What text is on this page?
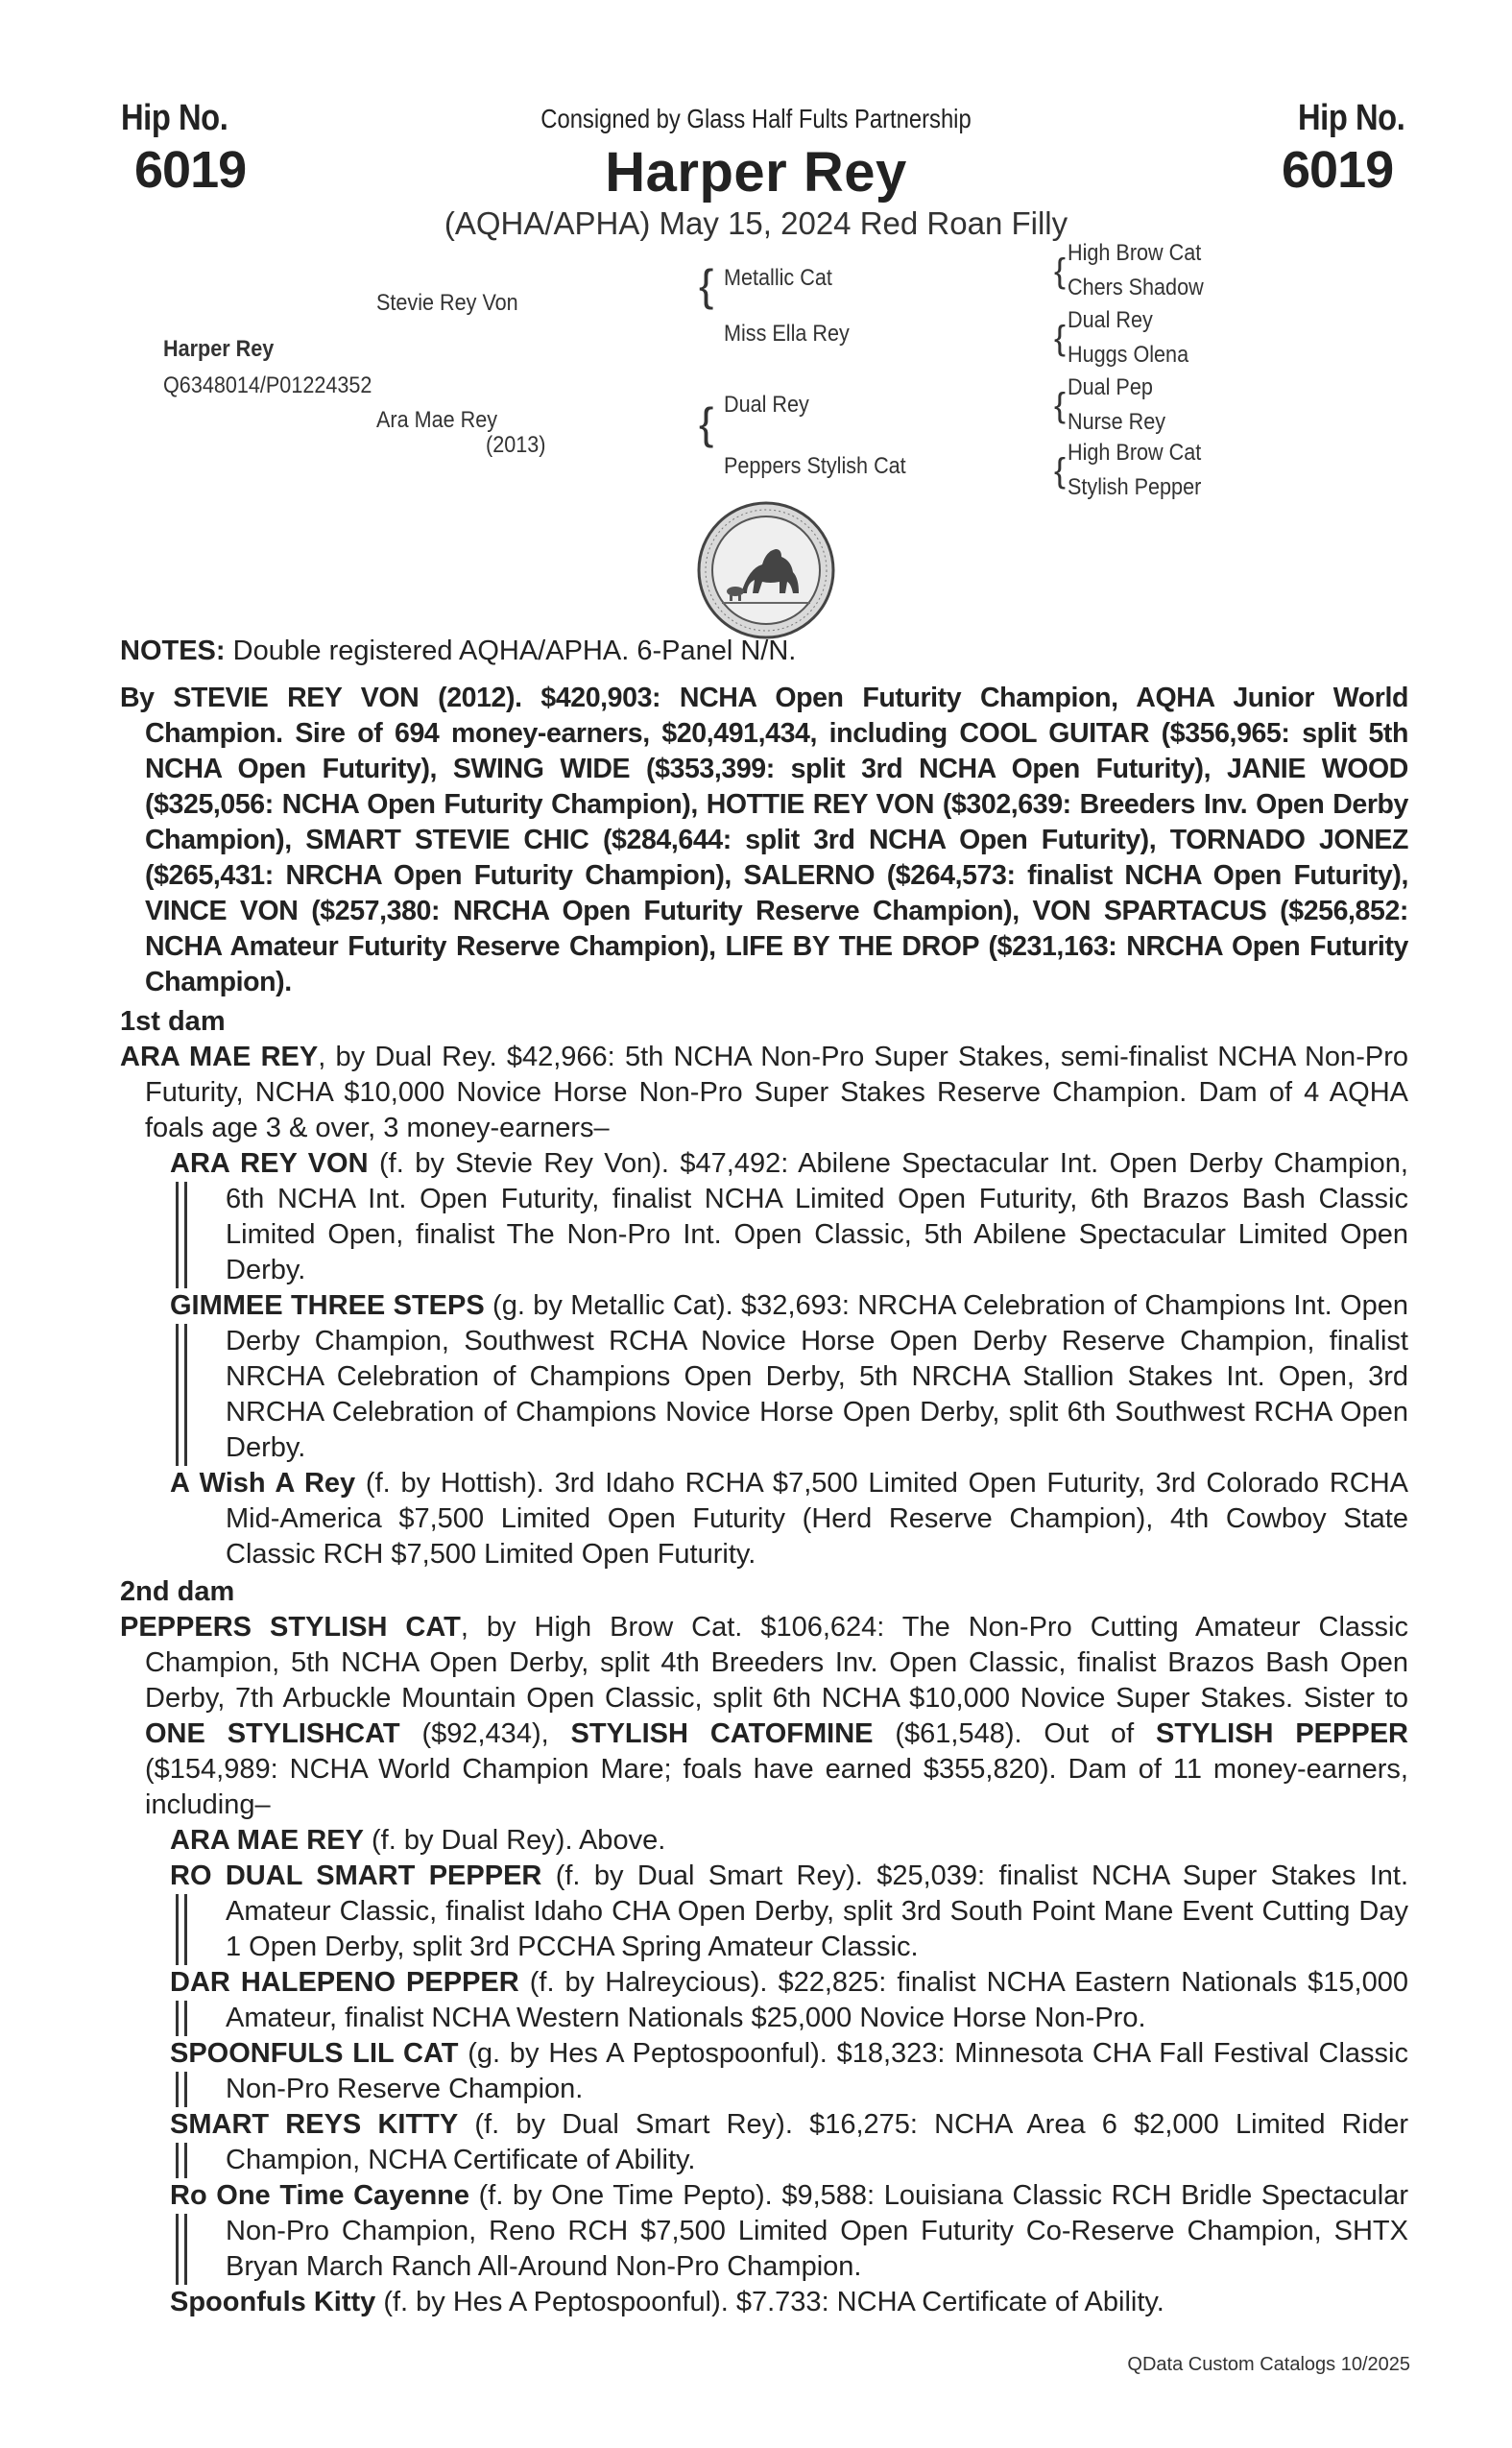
Hip No.
6019
Hip No.
6019
Consigned by Glass Half Fults Partnership
Harper Rey
(AQHA/APHA) May 15, 2024 Red Roan Filly
Stevie Rey Von
Harper Rey
Q6348014/P01224352
Ara Mae Rey
(2013)
{ Metallic Cat
Miss Ella Rey
{ Dual Rey
Peppers Stylish Cat
{ High Brow Cat
Chers Shadow
{ Dual Rey
Huggs Olena
{ Dual Pep
Nurse Rey
{ High Brow Cat
Stylish Pepper
NOTES: Double registered AQHA/APHA. 6-Panel N/N.
By STEVIE REY VON (2012). $420,903: NCHA Open Futurity Champion, AQHA Junior World Champion. Sire of 694 money-earners, $20,491,434, including COOL GUITAR ($356,965: split 5th NCHA Open Futurity), SWING WIDE ($353,399: split 3rd NCHA Open Futurity), JANIE WOOD ($325,056: NCHA Open Futurity Champion), HOTTIE REY VON ($302,639: Breeders Inv. Open Derby Champion), SMART STEVIE CHIC ($284,644: split 3rd NCHA Open Futurity), TORNADO JONEZ ($265,431: NRCHA Open Futurity Champion), SALERNO ($264,573: finalist NCHA Open Futurity), VINCE VON ($257,380: NRCHA Open Futurity Reserve Champion), VON SPARTACUS ($256,852: NCHA Amateur Futurity Reserve Champion), LIFE BY THE DROP ($231,163: NRCHA Open Futurity Champion).
1st dam
ARA MAE REY, by Dual Rey. $42,966: 5th NCHA Non-Pro Super Stakes, semi-finalist NCHA Non-Pro Futurity, NCHA $10,000 Novice Horse Non-Pro Super Stakes Reserve Champion. Dam of 4 AQHA foals age 3 & over, 3 money-earners–
ARA REY VON (f. by Stevie Rey Von). $47,492: Abilene Spectacular Int. Open Derby Champion, 6th NCHA Int. Open Futurity, finalist NCHA Limited Open Futurity, 6th Brazos Bash Classic Limited Open, finalist The Non-Pro Int. Open Classic, 5th Abilene Spectacular Limited Open Derby.
GIMMEE THREE STEPS (g. by Metallic Cat). $32,693: NRCHA Celebration of Champions Int. Open Derby Champion, Southwest RCHA Novice Horse Open Derby Reserve Champion, finalist NRCHA Celebration of Champions Open Derby, 5th NRCHA Stallion Stakes Int. Open, 3rd NRCHA Celebration of Champions Novice Horse Open Derby, split 6th Southwest RCHA Open Derby.
A Wish A Rey (f. by Hottish). 3rd Idaho RCHA $7,500 Limited Open Futurity, 3rd Colorado RCHA Mid-America $7,500 Limited Open Futurity (Herd Reserve Champion), 4th Cowboy State Classic RCH $7,500 Limited Open Futurity.
2nd dam
PEPPERS STYLISH CAT, by High Brow Cat. $106,624: The Non-Pro Cutting Amateur Classic Champion, 5th NCHA Open Derby, split 4th Breeders Inv. Open Classic, finalist Brazos Bash Open Derby, 7th Arbuckle Mountain Open Classic, split 6th NCHA $10,000 Novice Super Stakes. Sister to ONE STYLISHCAT ($92,434), STYLISH CATOFMINE ($61,548). Out of STYLISH PEPPER ($154,989: NCHA World Champion Mare; foals have earned $355,820). Dam of 11 money-earners, including–
ARA MAE REY (f. by Dual Rey). Above.
RO DUAL SMART PEPPER (f. by Dual Smart Rey). $25,039: finalist NCHA Super Stakes Int. Amateur Classic, finalist Idaho CHA Open Derby, split 3rd South Point Mane Event Cutting Day 1 Open Derby, split 3rd PCCHA Spring Amateur Classic.
DAR HALEPENO PEPPER (f. by Halreycious). $22,825: finalist NCHA Eastern Nationals $15,000 Amateur, finalist NCHA Western Nationals $25,000 Novice Horse Non-Pro.
SPOONFULS LIL CAT (g. by Hes A Peptospoonful). $18,323: Minnesota CHA Fall Festival Classic Non-Pro Reserve Champion.
SMART REYS KITTY (f. by Dual Smart Rey). $16,275: NCHA Area 6 $2,000 Limited Rider Champion, NCHA Certificate of Ability.
Ro One Time Cayenne (f. by One Time Pepto). $9,588: Louisiana Classic RCH Bridle Spectacular Non-Pro Champion, Reno RCH $7,500 Limited Open Futurity Co-Reserve Champion, SHTX Bryan March Ranch All-Around Non-Pro Champion.
Spoonfuls Kitty (f. by Hes A Peptospoonful). $7.733: NCHA Certificate of Ability.
QData Custom Catalogs 10/2025
